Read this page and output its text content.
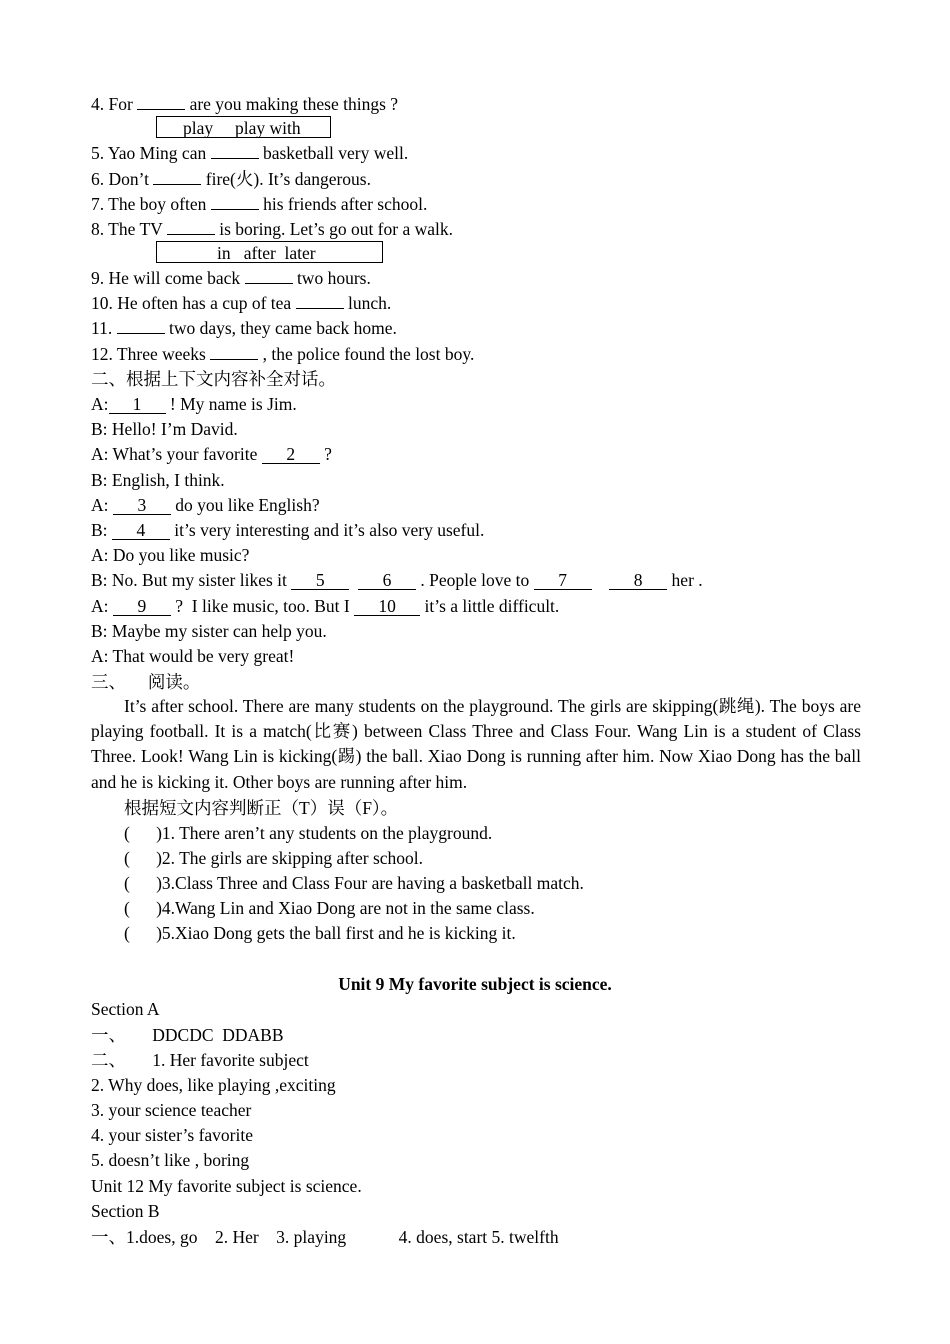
4. For	are you making these things ?
play     play with
5. Yao Ming can	basketball very well.
6. Don’t	fire(火). It’s dangerous.
7. The boy often	his friends after school.
8. The TV	is boring. Let’s go out for a walk.
in   after  later
9. He will come back	two hours.
10. He often has a cup of tea	lunch.
11.	two days, they came back home.
12. Three weeks	, the police found the lost boy.
二、根据上下文内容补全对话。
A: 1 ! My name is Jim.
B: Hello! I’m David.
A: What’s your favorite 2 ?
B: English, I think.
A: 3 do you like English?
B: 4 it’s very interesting and it’s also very useful.
A: Do you like music?
B: No. But my sister likes it 5	6 . People love to 7	8 her .
A: 9 ?  I like music, too. But I 10 it’s a little difficult.
B: Maybe my sister can help you.
A: That would be very great!
三、     阅读。

It’s after school. There are many students on the playground. The girls are skipping(跳绳). The boys are playing football. It is a match(比赛) between Class Three and Class Four. Wang Lin is a student of Class Three. Look! Wang Lin is kicking(踢) the ball. Xiao Dong is running after him. Now Xiao Dong has the ball and he is kicking it. Other boys are running after him.

根据短文内容判断正（T）误（F）。
(      )1. There aren’t any students on the playground.
(      )2. The girls are skipping after school.
(      )3.Class Three and Class Four are having a basketball match.
(      )4.Wang Lin and Xiao Dong are not in the same class.
(      )5.Xiao Dong gets the ball first and he is kicking it.
Unit 9 My favorite subject is science.
Section A
一、      DDCDC  DDABB
二、      1. Her favorite subject
2. Why does, like playing ,exciting
3. your science teacher
4. your sister’s favorite
5. doesn’t like , boring
Unit 12 My favorite subject is science.
Section B
一、1.does, go    2. Her    3. playing            4. does, start 5. twelfth
